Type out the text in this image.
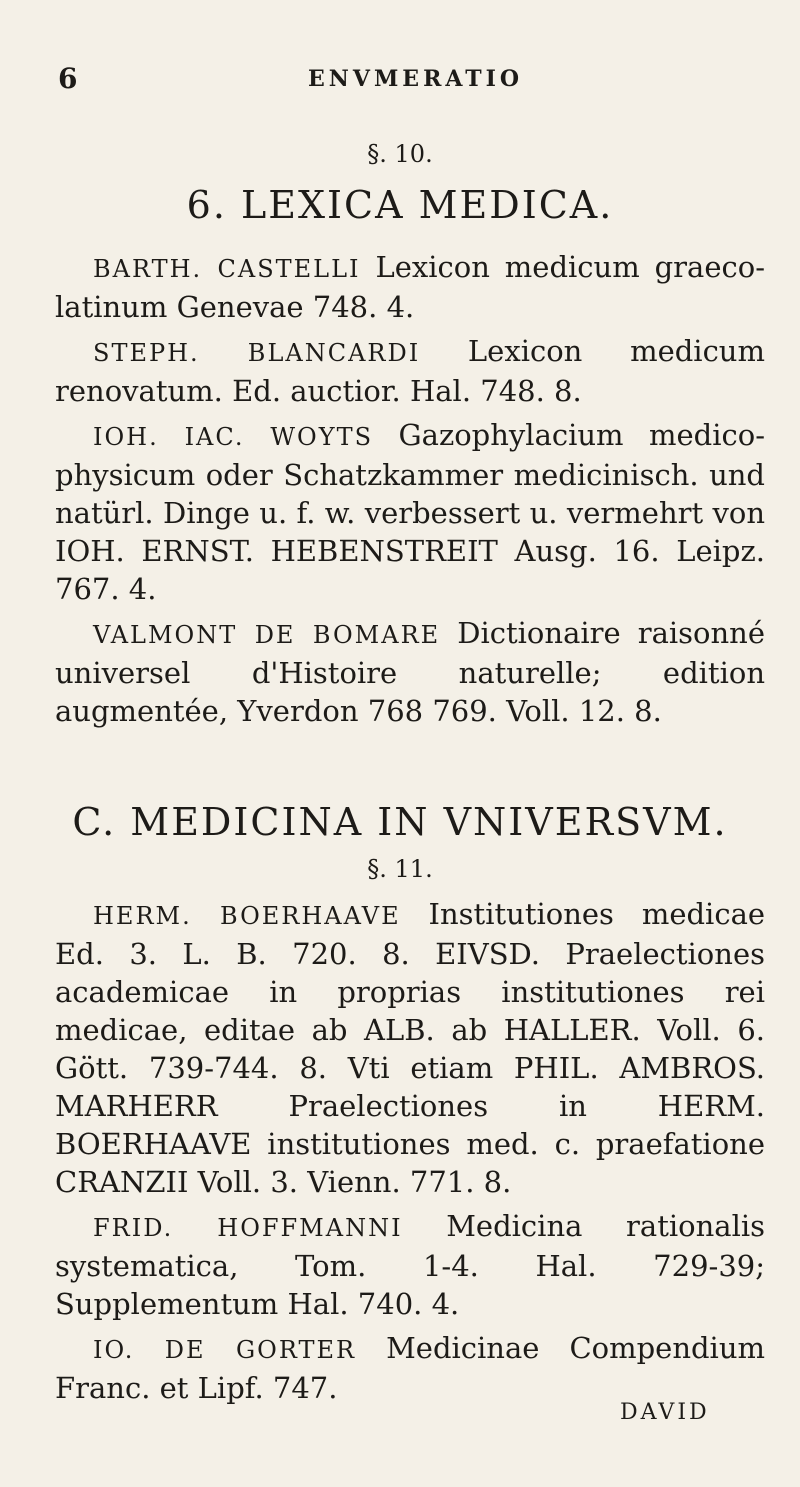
6	ENVMERATIO
§. 10.
6. LEXICA MEDICA.

BARTH. CASTELLI Lexicon medicum graeco-latinum Genevae 748. 4.

STEPH. BLANCARDI Lexicon medicum renovatum. Ed. auctior. Hal. 748. 8.

IOH. IAC. WOYTS Gazophylacium medico-physicum oder Schatzkammer medicinisch. und natürl. Dinge u. f. w. verbessert u. vermehrt von IOH. ERNST. HEBENSTREIT Ausg. 16. Leipz. 767. 4.

VALMONT DE BOMARE Dictionaire raisonné universel d'Histoire naturelle; edition augmentée, Yverdon 768 769. Voll. 12. 8.

C. MEDICINA IN VNIVERSVM.
§. 11.

HERM. BOERHAAVE Institutiones medicae Ed. 3. L. B. 720. 8. EIVSD. Praelectiones academicae in proprias institutiones rei medicae, editae ab ALB. ab HALLER. Voll. 6. Gött. 739-744. 8. Vti etiam PHIL. AMBROS. MARHERR Praelectiones in HERM. BOERHAAVE institutiones med. c. praefatione CRANZII Voll. 3. Vienn. 771. 8.

FRID. HOFFMANNI Medicina rationalis systematica, Tom. 1-4. Hal. 729-39; Supplementum Hal. 740. 4.

IO. DE GORTER Medicinae Compendium Franc. et Lipf. 747.

DAVID
